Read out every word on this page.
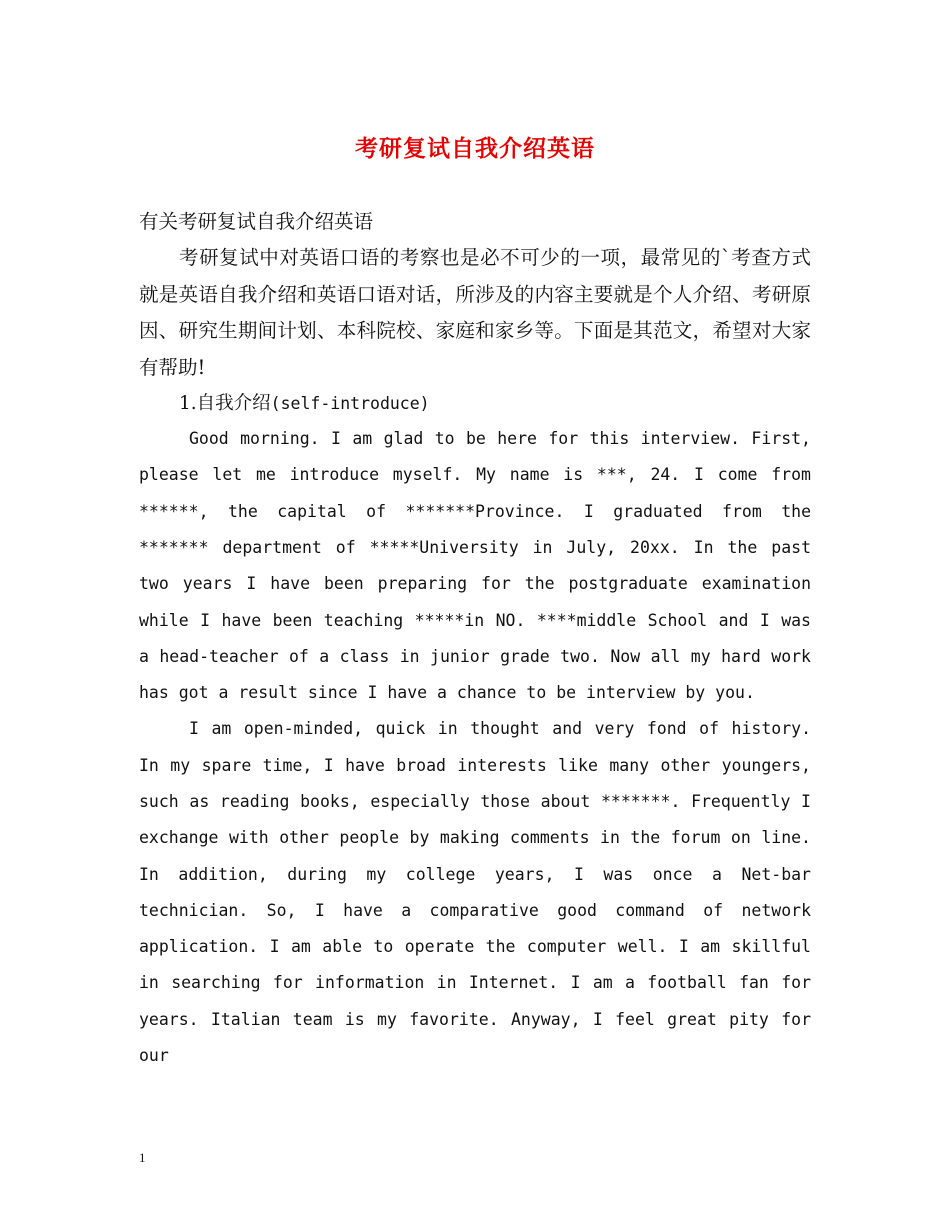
考研复试自我介绍英语

有关考研复试自我介绍英语

考研复试中对英语口语的考察也是必不可少的一项，最常见的`考查方式就是英语自我介绍和英语口语对话，所涉及的内容主要就是个人介绍、考研原因、研究生期间计划、本科院校、家庭和家乡等。下面是其范文，希望对大家有帮助!

1.自我介绍(self-introduce)

Good morning. I am glad to be here for this interview. First, please let me introduce myself. My name is ***, 24. I come from ******, the capital of *******Province. I graduated from the ******* department of *****University in July, 20xx. In the past two years I have been preparing for the postgraduate examination while I have been teaching *****in NO. ****middle School and I was a head-teacher of a class in junior grade two. Now all my hard work has got a result since I have a chance to be interview by you.

I am open-minded, quick in thought and very fond of history. In my spare time, I have broad interests like many other youngers, such as reading books, especially those about *******. Frequently I exchange with other people by making comments in the forum on line. In addition, during my college years, I was once a Net-bar technician. So, I have a comparative good command of network application. I am able to operate the computer well. I am skillful in searching for information in Internet. I am a football fan for years. Italian team is my favorite. Anyway, I feel great pity for our

1
